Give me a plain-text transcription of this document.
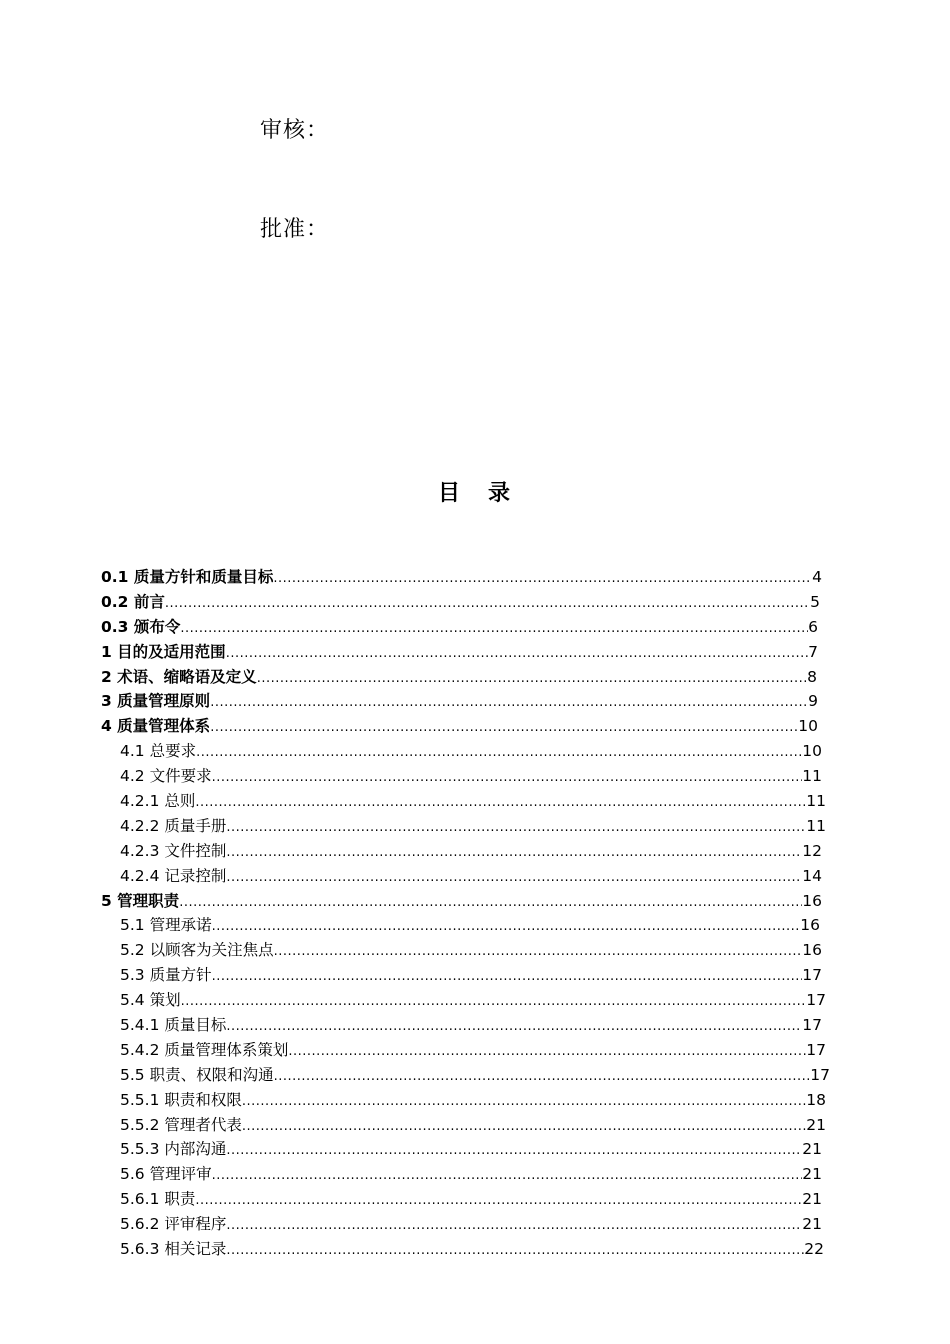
审核：
批准：
目 录
0.1 质量方针和质量目标 .....	4
0.2 前言 .....	5
0.3 颁布令 .....	6
1 目的及适用范围 .....	7
2 术语、缩略语及定义 .....	8
3 质量管理原则 .....	9
4 质量管理体系 .....	10
4.1 总要求 .....	10
4.2 文件要求 .....	11
4.2.1 总则 .....	11
4.2.2 质量手册 .....	11
4.2.3 文件控制 .....	12
4.2.4 记录控制 .....	14
5 管理职责 .....	16
5.1 管理承诺 .....	16
5.2 以顾客为关注焦点 .....	16
5.3 质量方针 .....	17
5.4 策划 .....	17
5.4.1 质量目标 .....	17
5.4.2 质量管理体系策划 .....	17
5.5 职责、权限和沟通 .....	17
5.5.1 职责和权限 .....	18
5.5.2 管理者代表 .....	21
5.5.3 内部沟通 .....	21
5.6 管理评审 .....	21
5.6.1 职责 .....	21
5.6.2 评审程序 .....	21
5.6.3 相关记录 .....	22
